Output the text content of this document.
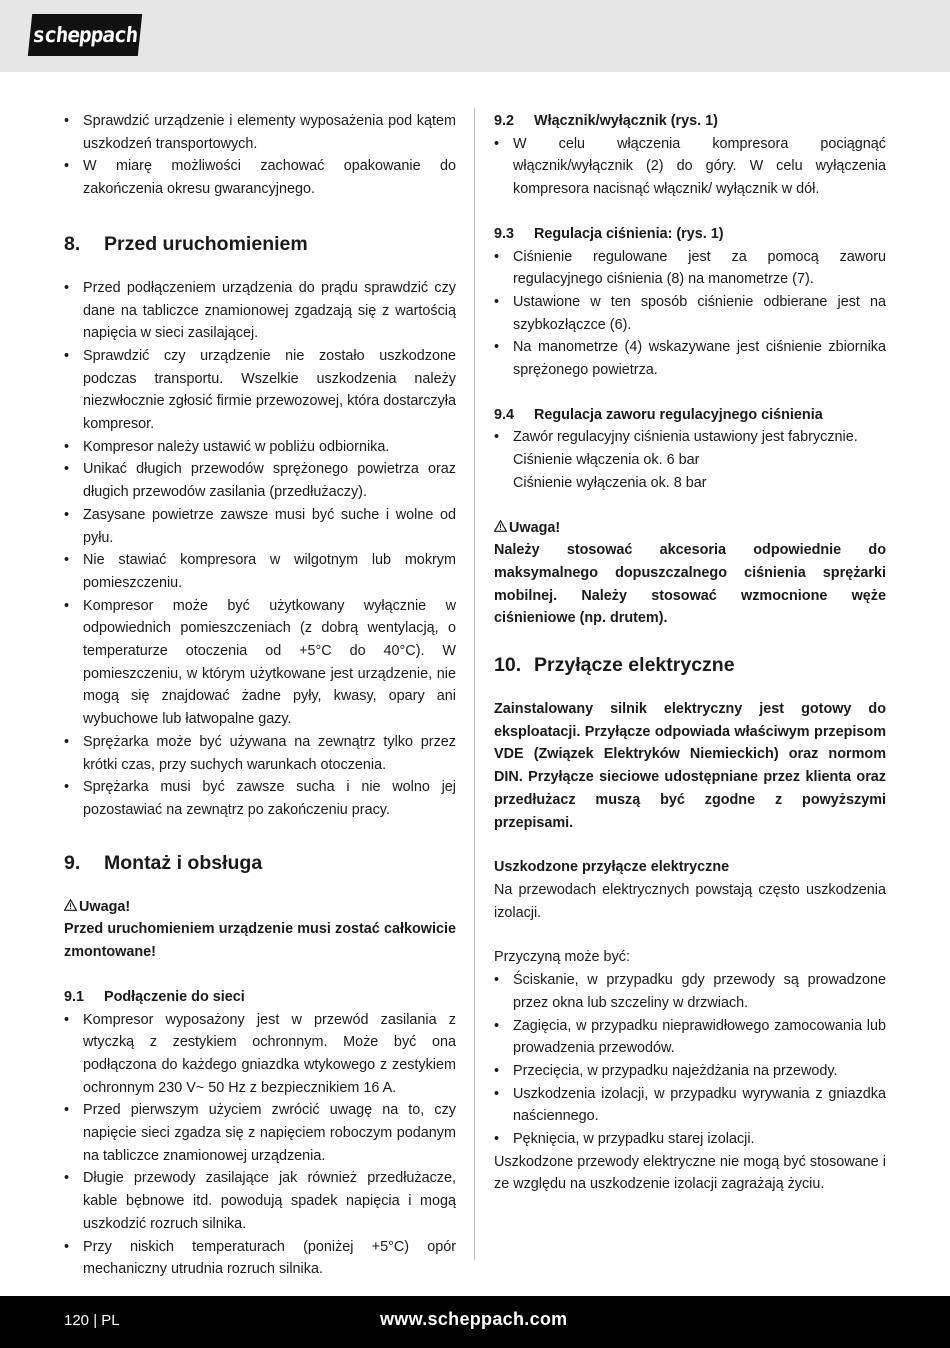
scheppach
• Sprawdzić urządzenie i elementy wyposażenia pod kątem uszkodzeń transportowych.
• W miarę możliwości zachować opakowanie do zakończenia okresu gwarancyjnego.
8. Przed uruchomieniem
• Przed podłączeniem urządzenia do prądu sprawdzić czy dane na tabliczce znamionowej zgadzają się z wartością napięcia w sieci zasilającej.
• Sprawdzić czy urządzenie nie zostało uszkodzone podczas transportu. Wszelkie uszkodzenia należy niezwłocznie zgłosić firmie przewozowej, która dostarczyła kompresor.
• Kompresor należy ustawić w pobliżu odbiornika.
• Unikać długich przewodów sprężonego powietrza oraz długich przewodów zasilania (przedłużaczy).
• Zasysane powietrze zawsze musi być suche i wolne od pyłu.
• Nie stawiać kompresora w wilgotnym lub mokrym pomieszczeniu.
• Kompresor może być użytkowany wyłącznie w odpowiednich pomieszczeniach (z dobrą wentylacją, o temperaturze otoczenia od +5°C do 40°C). W pomieszczeniu, w którym użytkowane jest urządzenie, nie mogą się znajdować żadne pyły, kwasy, opary ani wybuchowe lub łatwopalne gazy.
• Sprężarka może być używana na zewnątrz tylko przez krótki czas, przy suchych warunkach otoczenia.
• Sprężarka musi być zawsze sucha i nie wolno jej pozostawiać na zewnątrz po zakończeniu pracy.
9. Montaż i obsługa
Uwaga!

Przed uruchomieniem urządzenie musi zostać całkowicie zmontowane!

9.1 Podłączenie do sieci
• Kompresor wyposażony jest w przewód zasilania z wtyczką z zestykiem ochronnym. Może być ona podłączona do każdego gniazdka wtykowego z zestykiem ochronnym 230 V~ 50 Hz z bezpiecznikiem 16 A.
• Przed pierwszym użyciem zwrócić uwagę na to, czy napięcie sieci zgadza się z napięciem roboczym podanym na tabliczce znamionowej urządzenia.
• Długie przewody zasilające jak również przedłużacze, kable bębnowe itd. powodują spadek napięcia i mogą uszkodzić rozruch silnika.
• Przy niskich temperaturach (poniżej +5°C) opór mechaniczny utrudnia rozruch silnika.
9.2 Włącznik/wyłącznik (rys. 1)
• W celu włączenia kompresora pociągnąć włącznik/wyłącznik (2) do góry. W celu wyłączenia kompresora nacisnąć włącznik/ wyłącznik w dół.
9.3 Regulacja ciśnienia: (rys. 1)
• Ciśnienie regulowane jest za pomocą zaworu regulacyjnego ciśnienia (8) na manometrze (7).
• Ustawione w ten sposób ciśnienie odbierane jest na szybkozłączce (6).
• Na manometrze (4) wskazywane jest ciśnienie zbiornika sprężonego powietrza.
9.4 Regulacja zaworu regulacyjnego ciśnienia
• Zawór regulacyjny ciśnienia ustawiony jest fabrycznie.
Ciśnienie włączenia ok. 6 bar
Ciśnienie wyłączenia ok. 8 bar
Uwaga!

Należy stosować akcesoria odpowiednie do maksymalnego dopuszczalnego ciśnienia sprężarki mobilnej. Należy stosować wzmocnione węże ciśnieniowe (np. drutem).

10. Przyłącze elektryczne

Zainstalowany silnik elektryczny jest gotowy do eksploatacji. Przyłącze odpowiada właściwym przepisom VDE (Związek Elektryków Niemieckich) oraz normom DIN. Przyłącze sieciowe udostępniane przez klienta oraz przedłużacz muszą być zgodne z powyższymi przepisami.

Uszkodzone przyłącze elektryczne

Na przewodach elektrycznych powstają często uszkodzenia izolacji.

Przyczyną może być:

• Ściskanie, w przypadku gdy przewody są prowadzone przez okna lub szczeliny w drzwiach.
• Zagięcia, w przypadku nieprawidłowego zamocowania lub prowadzenia przewodów.
• Przecięcia, w przypadku najeżdżania na przewody.
• Uszkodzenia izolacji, w przypadku wyrywania z gniazdka naściennego.
• Pęknięcia, w przypadku starej izolacji.

Uszkodzone przewody elektryczne nie mogą być stosowane i ze względu na uszkodzenie izolacji zagrażają życiu.

120 | PL	www.scheppach.com
